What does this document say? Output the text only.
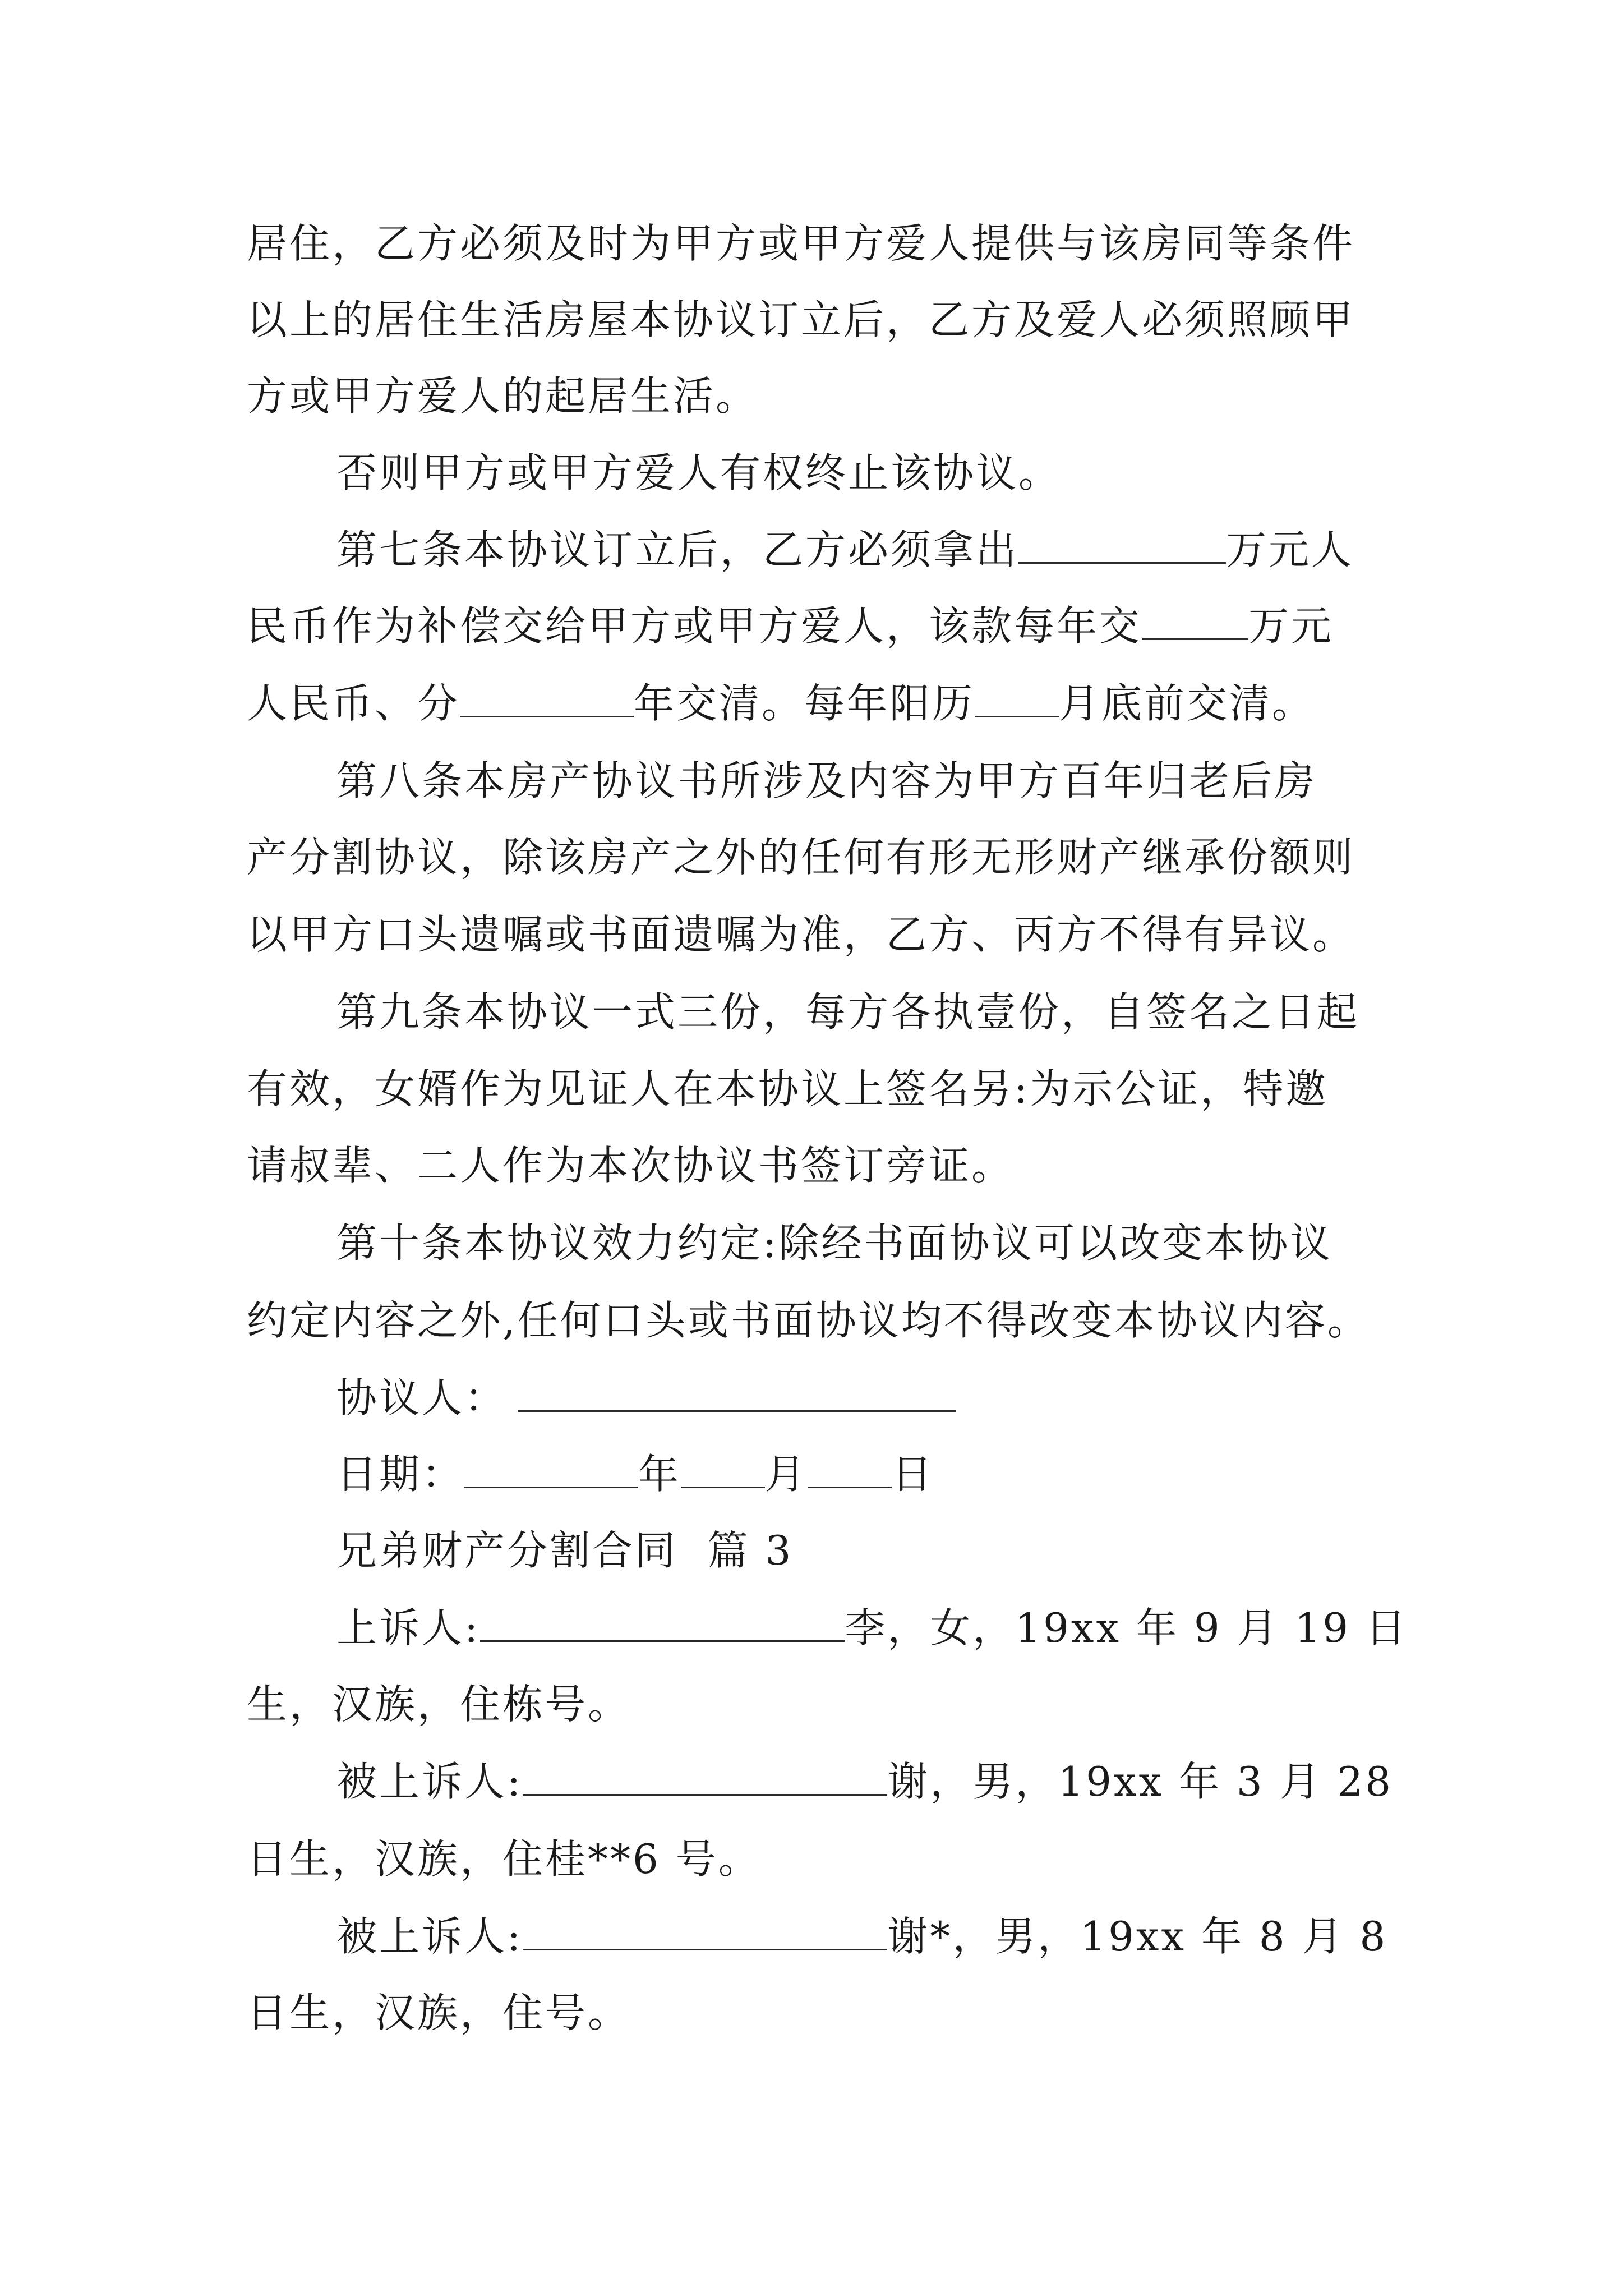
居住，乙方必须及时为甲方或甲方爱人提供与该房同等条件
以上的居住生活房屋本协议订立后，乙方及爱人必须照顾甲
方或甲方爱人的起居生活。
否则甲方或甲方爱人有权终止该协议。
第七条本协议订立后，乙方必须拿出	万元人
民币作为补偿交给甲方或甲方爱人，该款每年交	万元
人民币、分	年交清。每年阳历 月底前交清。
第八条本房产协议书所涉及内容为甲方百年归老后房
产分割协议，除该房产之外的任何有形无形财产继承份额则
以甲方口头遗嘱或书面遗嘱为准，乙方、丙方不得有异议。
第九条本协议一式三份，每方各执壹份，自签名之日起
有效，女婿作为见证人在本协议上签名另:为示公证，特邀
请叔辈、二人作为本次协议书签订旁证。
第十条本协议效力约定:除经书面协议可以改变本协议
约定内容之外,任何口头或书面协议均不得改变本协议内容。
协议人：
日期：	年 月 日
兄弟财产分割合同  篇 3
上诉人:	李，女，19xx 年 9 月 19 日
生，汉族，住栋号。
被上诉人:	谢，男，19xx 年 3 月 28
日生，汉族，住桂**6 号。
被上诉人:	谢*，男，19xx 年 8 月 8
日生，汉族，住号。
